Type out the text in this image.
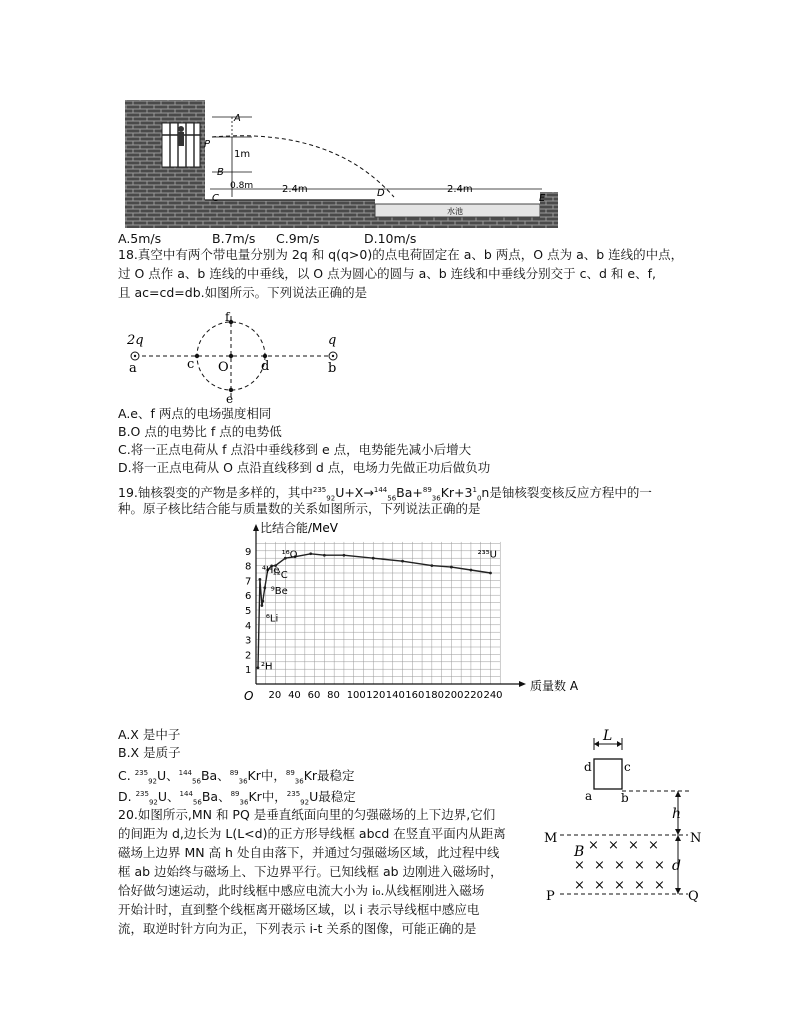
A
P
1m
B
0.8m
C
2.4m	D	2.4m
E
水池
A.5m/s	B.7m/s C.9m/s	D.10m/s
18.真空中有两个带电量分别为 2q 和 q(q>0)的点电荷固定在 a、b 两点，O 点为 a、b 连线的中点，
过 O 点作 a、b 连线的中垂线，以 O 点为圆心的圆与 a、b 连线和中垂线分别交于 c、d 和 e、f,
且 ac=cd=db.如图所示。下列说法正确的是
2q	q
a	b
c O d
e
f
A.e、f 两点的电场强度相同
B.O 点的电势比 f 点的电势低
C.将一正点电荷从 f 点沿中垂线移到 e 点，电势能先减小后增大
D.将一正点电荷从 O 点沿直线移到 d 点，电场力先做正功后做负功
19.铀核裂变的产物是多样的，其中$^{235}_{92}U+X\to^{144}_{56}Ba+^{89}_{36}Kr+3^1_0n$是铀核裂变核反应方程中的一
种。原子核比结合能与质量数的关系如图所示，下列说法正确的是
比结合能/MeV
质量数 A
O 20 40 60 80 100 120 140 160 180 200 220 240
1
2
3
4
5
6
7
8
9
²H
⁴He
¹⁶O
¹²C
⁶Li
⁹Be
²³⁵U
A.X 是中子
B.X 是质子
C. $^{235}_{92}$U、$^{144}_{56}$Ba、$^{89}_{36}$Kr中，$^{89}_{36}$Kr最稳定
D. $^{235}_{92}$U、$^{144}_{56}$Ba、$^{89}_{36}$Kr中，$^{235}_{92}$U最稳定
20.如图所示,MN 和 PQ 是垂直纸面向里的匀强磁场的上下边界,它们
的间距为 d,边长为 L(L<d)的正方形导线框 abcd 在竖直平面内从距离
磁场上边界 MN 高 h 处自由落下，并通过匀强磁场区域，此过程中线
框 ab 边始终与磁场上、下边界平行。已知线框 ab 边刚进入磁场时，
恰好做匀速运动，此时线框中感应电流大小为 i₀.从线框刚进入磁场
开始计时，直到整个线框离开磁场区域，以 i 表示导线框中感应电
流，取逆时针方向为正，下列表示 i-t 关系的图像，可能正确的是
L
d	c
a b
h
M	N
P	Q
d
B × × × ×
× × × × ×
× × × × ×
